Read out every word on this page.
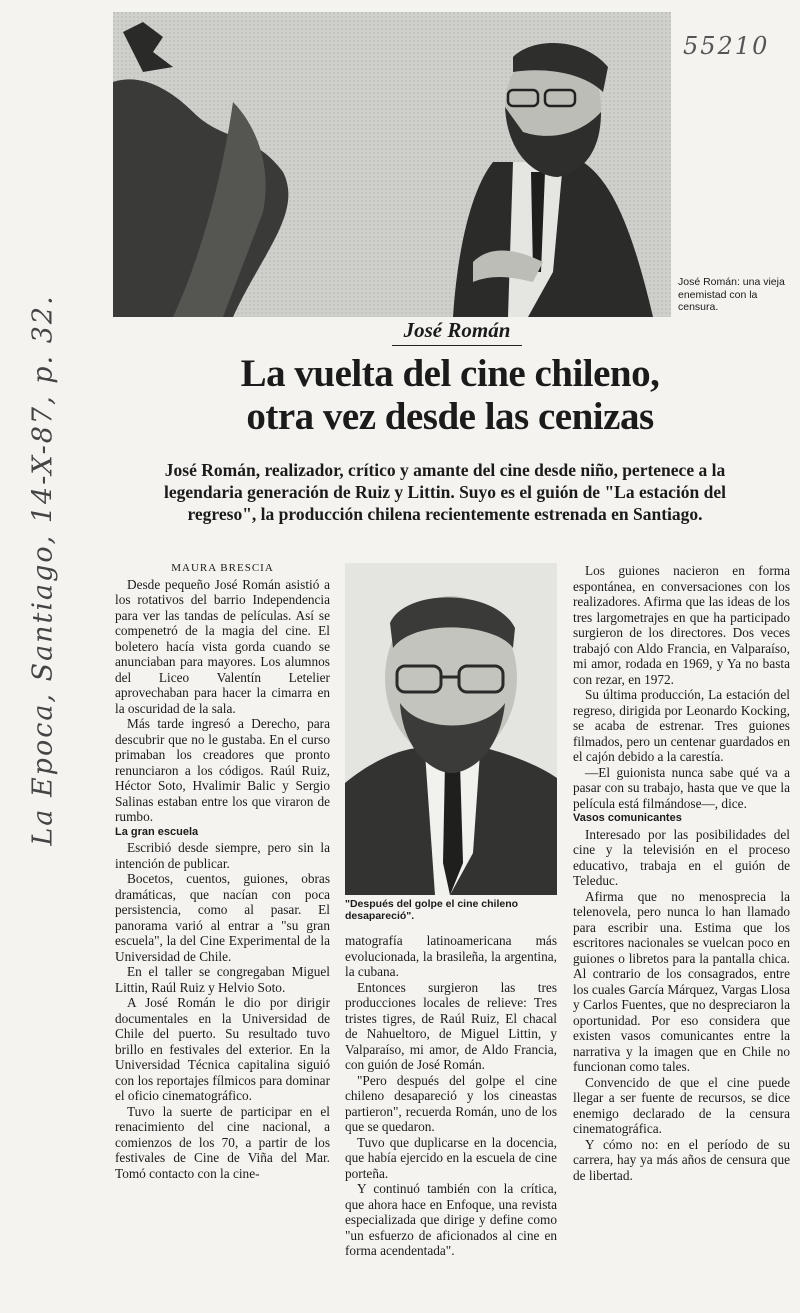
La Epoca, Santiago, 14-X-87, p. 32.
55210
José Román: una vieja enemistad con la censura.
José Román
La vuelta del cine chileno,
otra vez desde las cenizas
José Román, realizador, crítico y amante del cine desde niño, pertenece a la legendaria generación de Ruiz y Littin. Suyo es el guión de "La estación del regreso", la producción chilena recientemente estrenada en Santiago.

MAURA BRESCIA

Desde pequeño José Román asistió a los rotativos del barrio Independencia para ver las tandas de películas. Así se compenetró de la magia del cine. El boletero hacía vista gorda cuando se anunciaban para mayores. Los alumnos del Liceo Valentín Letelier aprovechaban para hacer la cimarra en la oscuridad de la sala.

Más tarde ingresó a Derecho, para descubrir que no le gustaba. En el curso primaban los creadores que pronto renunciaron a los códigos. Raúl Ruiz, Héctor Soto, Hvalimir Balic y Sergio Salinas estaban entre los que viraron de rumbo.

La gran escuela

Escribió desde siempre, pero sin la intención de publicar.

Bocetos, cuentos, guiones, obras dramáticas, que nacían con poca persistencia, como al pasar. El panorama varió al entrar a "su gran escuela", la del Cine Experimental de la Universidad de Chile.

En el taller se congregaban Miguel Littin, Raúl Ruiz y Helvio Soto.

A José Román le dio por dirigir documentales en la Universidad de Chile del puerto. Su resultado tuvo brillo en festivales del exterior. En la Universidad Técnica capitalina siguió con los reportajes fílmicos para dominar el oficio cinematográfico.

Tuvo la suerte de participar en el renacimiento del cine nacional, a comienzos de los 70, a partir de los festivales de Cine de Viña del Mar. Tomó contacto con la cine-

"Después del golpe el cine chileno desapareció".

matografía latinoamericana más evolucionada, la brasileña, la argentina, la cubana.

Entonces surgieron las tres producciones locales de relieve: Tres tristes tigres, de Raúl Ruiz, El chacal de Nahueltoro, de Miguel Littin, y Valparaíso, mi amor, de Aldo Francia, con guión de José Román.

"Pero después del golpe el cine chileno desapareció y los cineastas partieron", recuerda Román, uno de los que se quedaron.

Tuvo que duplicarse en la docencia, que había ejercido en la escuela de cine porteña.

Y continuó también con la crítica, que ahora hace en Enfoque, una revista especializada que dirige y define como "un esfuerzo de aficionados al cine en forma acendentada".

Los guiones nacieron en forma espontánea, en conversaciones con los realizadores. Afirma que las ideas de los tres largometrajes en que ha participado surgieron de los directores. Dos veces trabajó con Aldo Francia, en Valparaíso, mi amor, rodada en 1969, y Ya no basta con rezar, en 1972.

Su última producción, La estación del regreso, dirigida por Leonardo Kocking, se acaba de estrenar. Tres guiones filmados, pero un centenar guardados en el cajón debido a la carestía.

—El guionista nunca sabe qué va a pasar con su trabajo, hasta que ve que la película está filmándose—, dice.

Vasos comunicantes

Interesado por las posibilidades del cine y la televisión en el proceso educativo, trabaja en el guión de Teleduc.

Afirma que no menosprecia la telenovela, pero nunca lo han llamado para escribir una. Estima que los escritores nacionales se vuelcan poco en guiones o libretos para la pantalla chica. Al contrario de los consagrados, entre los cuales García Márquez, Vargas Llosa y Carlos Fuentes, que no despreciaron la oportunidad. Por eso considera que existen vasos comunicantes entre la narrativa y la imagen que en Chile no funcionan como tales.

Convencido de que el cine puede llegar a ser fuente de recursos, se dice enemigo declarado de la censura cinematográfica.

Y cómo no: en el período de su carrera, hay ya más años de censura que de libertad.
